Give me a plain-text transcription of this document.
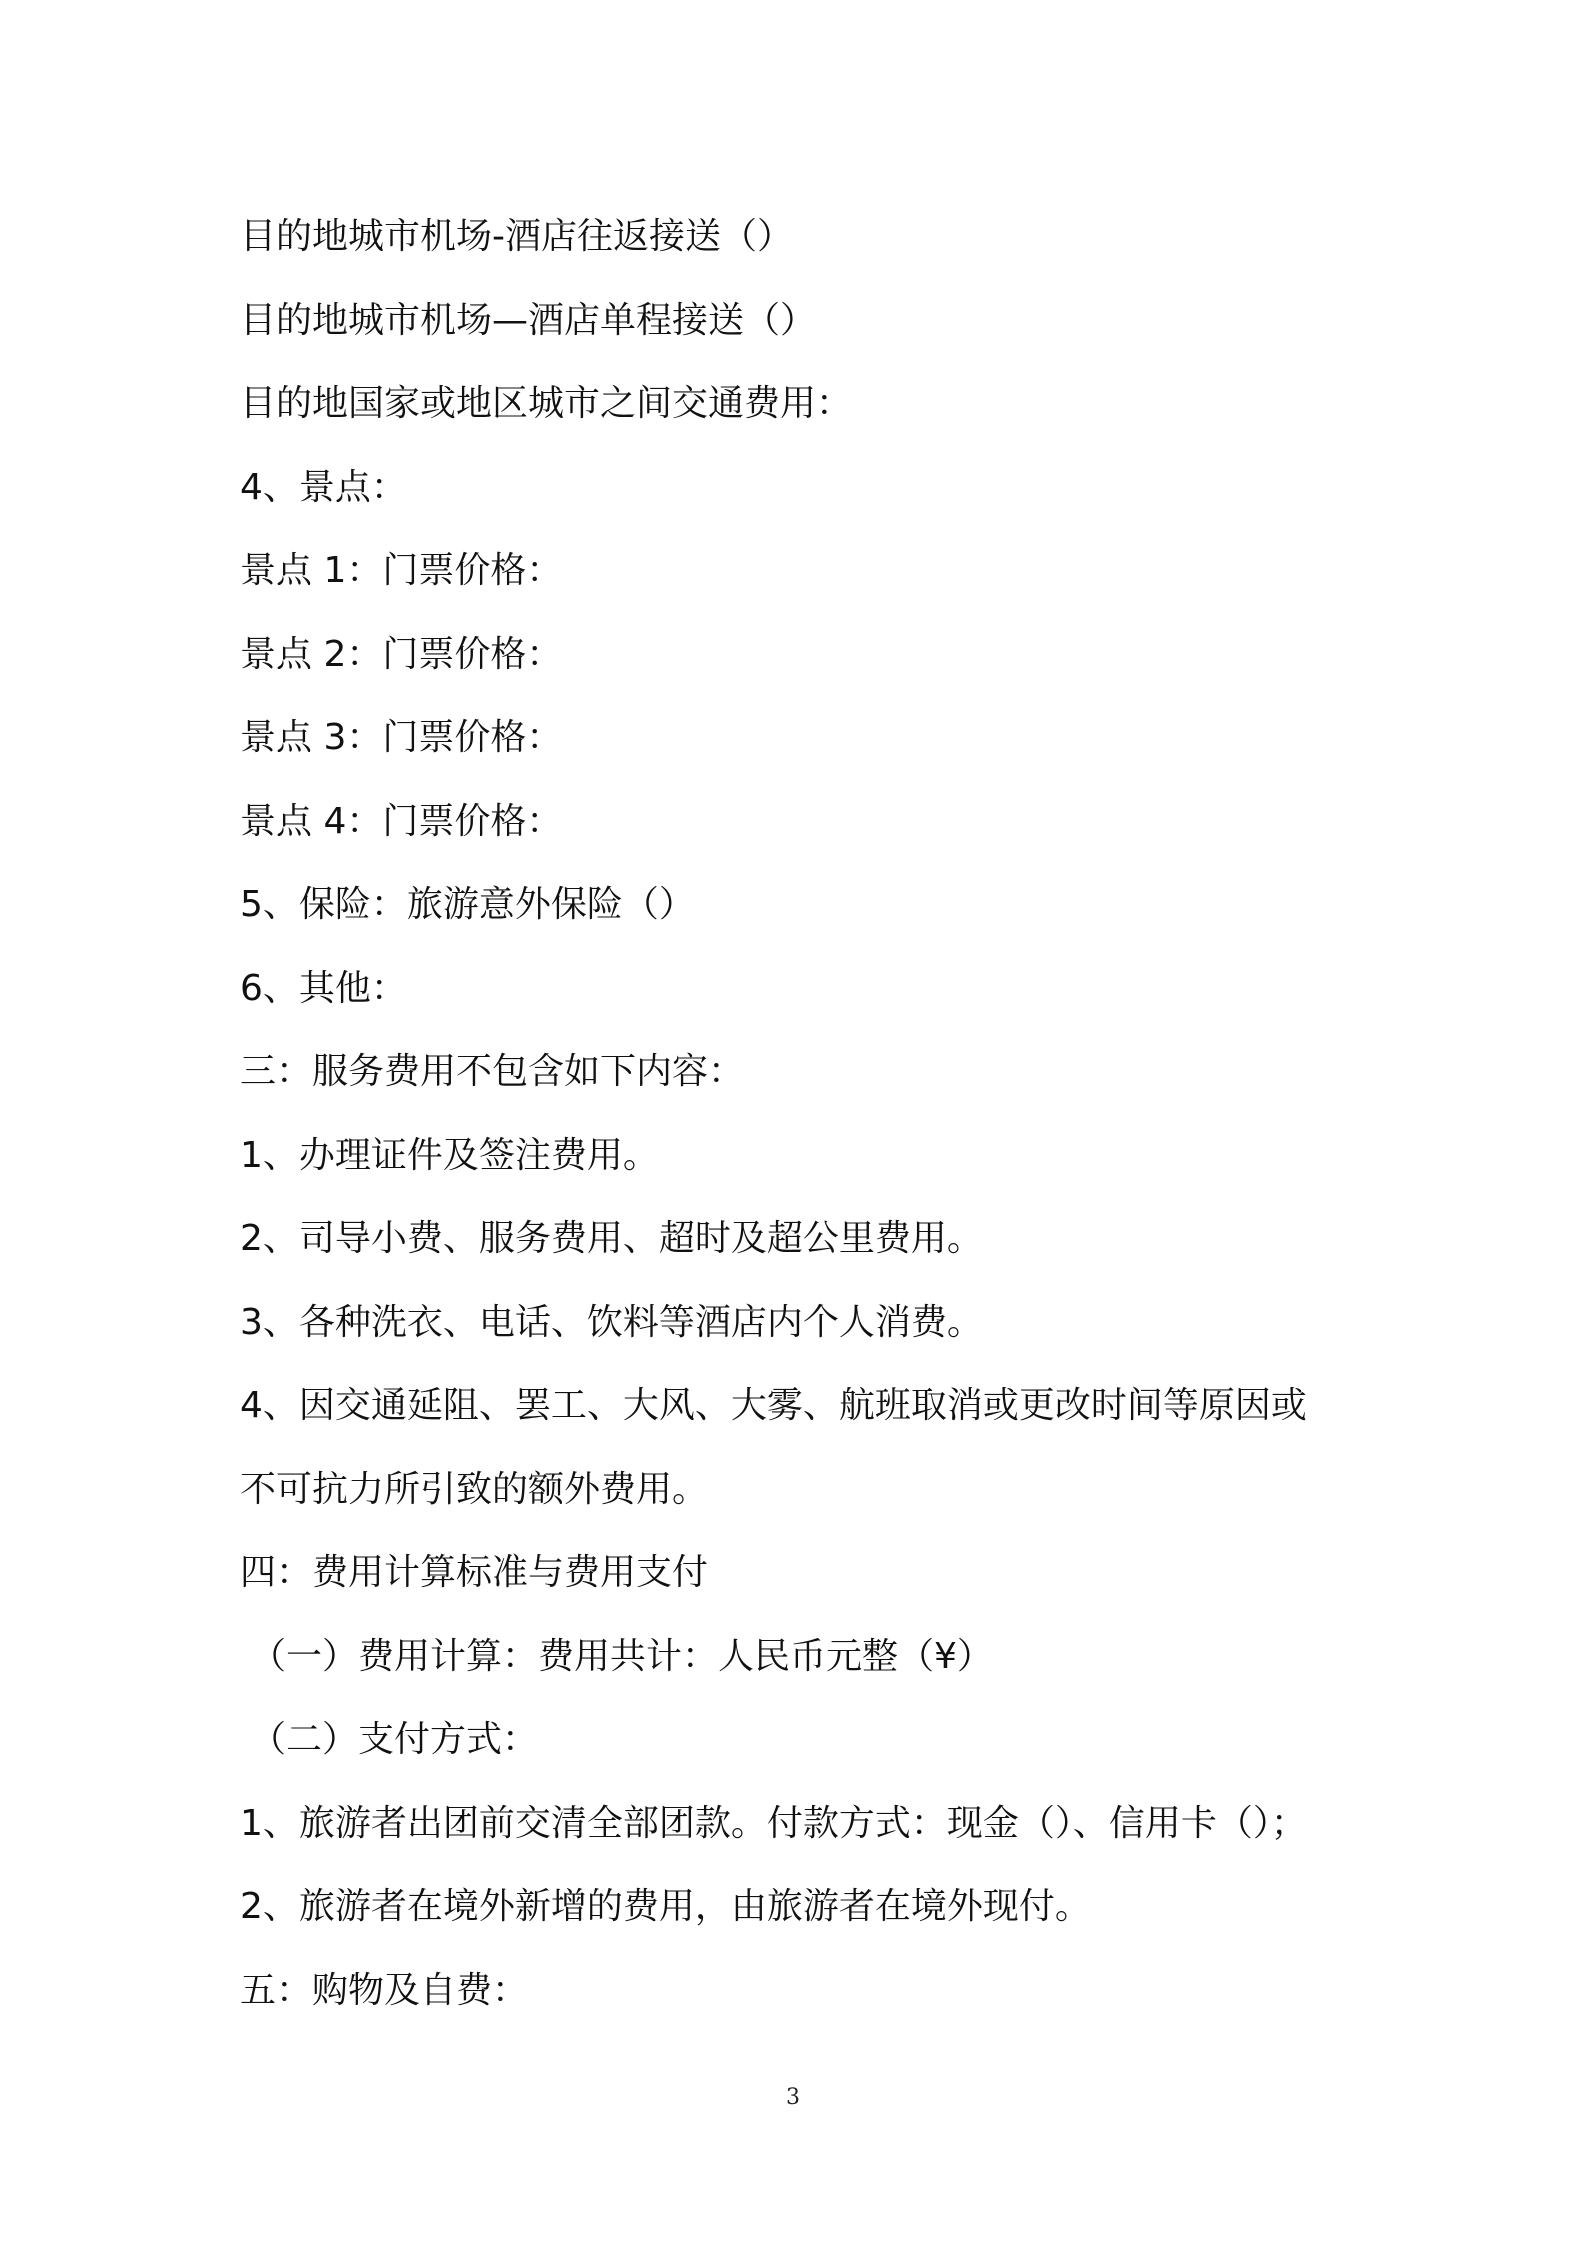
目的地城市机场-酒店往返接送（）
目的地城市机场—酒店单程接送（）
目的地国家或地区城市之间交通费用：
4、景点：
景点 1：门票价格：
景点 2：门票价格：
景点 3：门票价格：
景点 4：门票价格：
5、保险：旅游意外保险（）
6、其他：
三：服务费用不包含如下内容：
1、办理证件及签注费用。
2、司导小费、服务费用、超时及超公里费用。
3、各种洗衣、电话、饮料等酒店内个人消费。
4、因交通延阻、罢工、大风、大雾、航班取消或更改时间等原因或
不可抗力所引致的额外费用。
四：费用计算标准与费用支付
（一）费用计算：费用共计：人民币元整（¥）
（二）支付方式：
1、旅游者出团前交清全部团款。付款方式：现金（）、信用卡（）；
2、旅游者在境外新增的费用，由旅游者在境外现付。
五：购物及自费：
3
